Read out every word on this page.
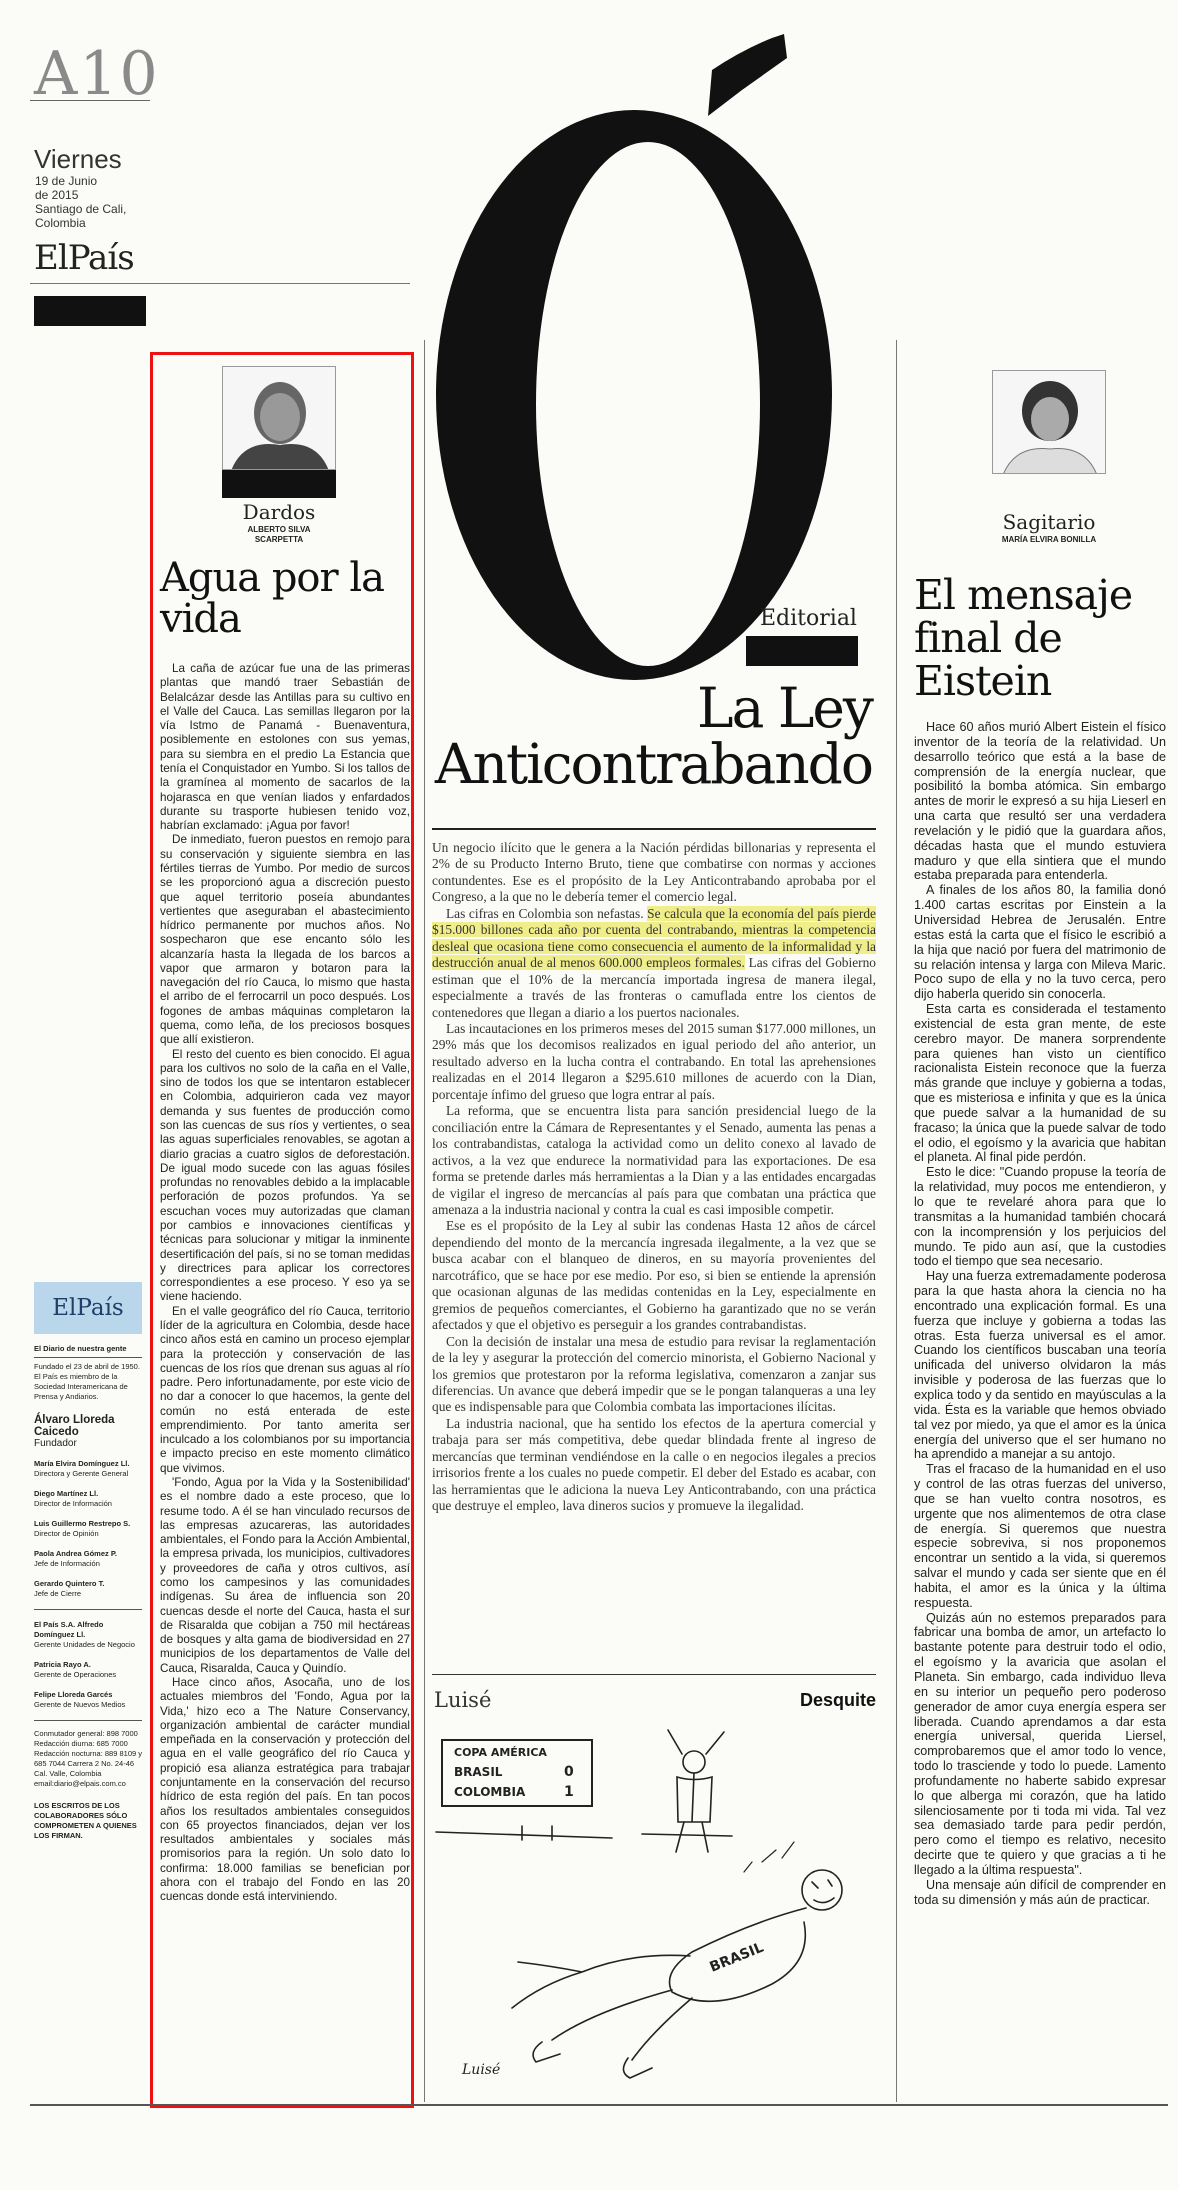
A10
Viernes
19 de Junio
de 2015
Santiago de Cali,
Colombia
ElPaís
Dardos
ALBERTO SILVA
SCARPETTA
Agua por la vida

La caña de azúcar fue una de las primeras plantas que mandó traer Sebastián de Belalcázar desde las Antillas para su cultivo en el Valle del Cauca. Las semillas llegaron por la vía Istmo de Panamá - Buenaventura, posiblemente en estolones con sus yemas, para su siembra en el predio La Estancia que tenía el Conquistador en Yumbo. Si los tallos de la gramínea al momento de sacarlos de la hojarasca en que venían liados y enfardados durante su trasporte hubiesen tenido voz, habrían exclamado: ¡Agua por favor!

De inmediato, fueron puestos en remojo para su conservación y siguiente siembra en las fértiles tierras de Yumbo. Por medio de surcos se les proporcionó agua a discreción puesto que aquel territorio poseía abundantes vertientes que aseguraban el abastecimiento hídrico permanente por muchos años. No sospecharon que ese encanto sólo les alcanzaría hasta la llegada de los barcos a vapor que armaron y botaron para la navegación del río Cauca, lo mismo que hasta el arribo de el ferrocarril un poco después. Los fogones de ambas máquinas completaron la quema, como leña, de los preciosos bosques que allí existieron.

El resto del cuento es bien conocido. El agua para los cultivos no solo de la caña en el Valle, sino de todos los que se intentaron establecer en Colombia, adquirieron cada vez mayor demanda y sus fuentes de producción como son las cuencas de sus ríos y vertientes, o sea las aguas superficiales renovables, se agotan a diario gracias a cuatro siglos de deforestación. De igual modo sucede con las aguas fósiles profundas no renovables debido a la implacable perforación de pozos profundos. Ya se escuchan voces muy autorizadas que claman por cambios e innovaciones científicas y técnicas para solucionar y mitigar la inminente desertificación del país, si no se toman medidas y directrices para aplicar los correctores correspondientes a ese proceso. Y eso ya se viene haciendo.

En el valle geográfico del río Cauca, territorio líder de la agricultura en Colombia, desde hace cinco años está en camino un proceso ejemplar para la protección y conservación de las cuencas de los ríos que drenan sus aguas al río padre. Pero infortunadamente, por este vicio de no dar a conocer lo que hacemos, la gente del común no está enterada de este emprendimiento. Por tanto amerita ser inculcado a los colombianos por su importancia e impacto preciso en este momento climático que vivimos.

'Fondo, Agua por la Vida y la Sostenibilidad' es el nombre dado a este proceso, que lo resume todo. A él se han vinculado recursos de las empresas azucareras, las autoridades ambientales, el Fondo para la Acción Ambiental, la empresa privada, los municipios, cultivadores y proveedores de caña y otros cultivos, así como los campesinos y las comunidades indígenas. Su área de influencia son 20 cuencas desde el norte del Cauca, hasta el sur de Risaralda que cobijan a 750 mil hectáreas de bosques y alta gama de biodiversidad en 27 municipios de los departamentos de Valle del Cauca, Risaralda, Cauca y Quindío.

Hace cinco años, Asocaña, uno de los actuales miembros del 'Fondo, Agua por la Vida,' hizo eco a The Nature Conservancy, organización ambiental de carácter mundial empeñada en la conservación y protección del agua en el valle geográfico del río Cauca y propició esa alianza estratégica para trabajar conjuntamente en la conservación del recurso hídrico de esta región del país. En tan pocos años los resultados ambientales conseguidos con 65 proyectos financiados, dejan ver los resultados ambientales y sociales más promisorios para la región. Un solo dato lo confirma: 18.000 familias se benefician por ahora con el trabajo del Fondo en las 20 cuencas donde está interviniendo.

ElPaís
El Diario de nuestra gente
Fundado el 23 de abril de 1950. El País es miembro de la Sociedad Interamericana de Prensa y Andiarios.
Álvaro Lloreda Caicedo
Fundador
María Elvira Domínguez Ll.
Directora y Gerente General
Diego Martínez Ll.
Director de Información
Luis Guillermo Restrepo S.
Director de Opinión
Paola Andrea Gómez P.
Jefe de Información
Gerardo Quintero T.
Jefe de Cierre
El País S.A. Alfredo Domínguez Ll.
Gerente Unidades de Negocio
Patricia Rayo A.
Gerente de Operaciones
Felipe Lloreda Garcés
Gerente de Nuevos Medios
Conmutador general: 898 7000 Redacción diurna: 685 7000 Redacción nocturna: 889 8109 y 685 7044 Carrera 2 No. 24-46 Cal. Valle, Colombia email:diario@elpais.com.co
LOS ESCRITOS DE LOS COLABORADORES SÓLO COMPROMETEN A QUIENES LOS FIRMAN.
Editorial
La Ley
Anticontrabando

Un negocio ilícito que le genera a la Nación pérdidas billonarias y representa el 2% de su Producto Interno Bruto, tiene que combatirse con normas y acciones contundentes. Ese es el propósito de la Ley Anticontrabando aprobaba por el Congreso, a la que no le debería temer el comercio legal.

Las cifras en Colombia son nefastas. Se calcula que la economía del país pierde $15.000 billones cada año por cuenta del contrabando, mientras la competencia desleal que ocasiona tiene como consecuencia el aumento de la informalidad y la destrucción anual de al menos 600.000 empleos formales. Las cifras del Gobierno estiman que el 10% de la mercancía importada ingresa de manera ilegal, especialmente a través de las fronteras o camuflada entre los cientos de contenedores que llegan a diario a los puertos nacionales.

Las incautaciones en los primeros meses del 2015 suman $177.000 millones, un 29% más que los decomisos realizados en igual periodo del año anterior, un resultado adverso en la lucha contra el contrabando. En total las aprehensiones realizadas en el 2014 llegaron a $295.610 millones de acuerdo con la Dian, porcentaje ínfimo del grueso que logra entrar al país.

La reforma, que se encuentra lista para sanción presidencial luego de la conciliación entre la Cámara de Representantes y el Senado, aumenta las penas a los contrabandistas, cataloga la actividad como un delito conexo al lavado de activos, a la vez que endurece la normatividad para las exportaciones. De esa forma se pretende darles más herramientas a la Dian y a las entidades encargadas de vigilar el ingreso de mercancías al país para que combatan una práctica que amenaza a la industria nacional y contra la cual es casi imposible competir.

Ese es el propósito de la Ley al subir las condenas Hasta 12 años de cárcel dependiendo del monto de la mercancía ingresada ilegalmente, a la vez que se busca acabar con el blanqueo de dineros, en su mayoría provenientes del narcotráfico, que se hace por ese medio. Por eso, si bien se entiende la aprensión que ocasionan algunas de las medidas contenidas en la Ley, especialmente en gremios de pequeños comerciantes, el Gobierno ha garantizado que no se verán afectados y que el objetivo es perseguir a los grandes contrabandistas.

Con la decisión de instalar una mesa de estudio para revisar la reglamentación de la ley y asegurar la protección del comercio minorista, el Gobierno Nacional y los gremios que protestaron por la reforma legislativa, comenzaron a zanjar sus diferencias. Un avance que deberá impedir que se le pongan talanqueras a una ley que es indispensable para que Colombia combata las importaciones ilícitas.

La industria nacional, que ha sentido los efectos de la apertura comercial y trabaja para ser más competitiva, debe quedar blindada frente al ingreso de mercancías que terminan vendiéndose en la calle o en negocios ilegales a precios irrisorios frente a los cuales no puede competir. El deber del Estado es acabar, con las herramientas que le adiciona la nueva Ley Anticontrabando, con una práctica que destruye el empleo, lava dineros sucios y promueve la ilegalidad.

Luisé	Desquite
COPA AMÉRICA
BRASIL	0
COLOMBIA	1
BRASIL
Luisé
Sagitario
MARÍA ELVIRA BONILLA
El mensaje final de Eistein

Hace 60 años murió Albert Eistein el físico inventor de la teoría de la relatividad. Un desarrollo teórico que está a la base de comprensión de la energía nuclear, que posibilitó la bomba atómica. Sin embargo antes de morir le expresó a su hija Lieserl en una carta que resultó ser una verdadera revelación y le pidió que la guardara años, décadas hasta que el mundo estuviera maduro y que ella sintiera que el mundo estaba preparada para entenderla.

A finales de los años 80, la familia donó 1.400 cartas escritas por Einstein a la Universidad Hebrea de Jerusalén. Entre estas está la carta que el físico le escribió a la hija que nació por fuera del matrimonio de su relación intensa y larga con Mileva Maric. Poco supo de ella y no la tuvo cerca, pero dijo haberla querido sin conocerla.

Esta carta es considerada el testamento existencial de esta gran mente, de este cerebro mayor. De manera sorprendente para quienes han visto un científico racionalista Eistein reconoce que la fuerza más grande que incluye y gobierna a todas, que es misteriosa e infinita y que es la única que puede salvar a la humanidad de su fracaso; la única que la puede salvar de todo el odio, el egoísmo y la avaricia que habitan el planeta. Al final pide perdón.

Esto le dice: "Cuando propuse la teoría de la relatividad, muy pocos me entendieron, y lo que te revelaré ahora para que lo transmitas a la humanidad también chocará con la incomprensión y los perjuicios del mundo. Te pido aun así, que la custodies todo el tiempo que sea necesario.

Hay una fuerza extremadamente poderosa para la que hasta ahora la ciencia no ha encontrado una explicación formal. Es una fuerza que incluye y gobierna a todas las otras. Esta fuerza universal es el amor. Cuando los científicos buscaban una teoría unificada del universo olvidaron la más invisible y poderosa de las fuerzas que lo explica todo y da sentido en mayúsculas a la vida. Ésta es la variable que hemos obviado tal vez por miedo, ya que el amor es la única energía del universo que el ser humano no ha aprendido a manejar a su antojo.

Tras el fracaso de la humanidad en el uso y control de las otras fuerzas del universo, que se han vuelto contra nosotros, es urgente que nos alimentemos de otra clase de energía. Si queremos que nuestra especie sobreviva, si nos proponemos encontrar un sentido a la vida, si queremos salvar el mundo y cada ser siente que en él habita, el amor es la única y la última respuesta.

Quizás aún no estemos preparados para fabricar una bomba de amor, un artefacto lo bastante potente para destruir todo el odio, el egoísmo y la avaricia que asolan el Planeta. Sin embargo, cada individuo lleva en su interior un pequeño pero poderoso generador de amor cuya energía espera ser liberada. Cuando aprendamos a dar esta energía universal, querida Liersel, comprobaremos que el amor todo lo vence, todo lo trasciende y todo lo puede. Lamento profundamente no haberte sabido expresar lo que alberga mi corazón, que ha latido silenciosamente por ti toda mi vida. Tal vez sea demasiado tarde para pedir perdón, pero como el tiempo es relativo, necesito decirte que te quiero y que gracias a ti he llegado a la última respuesta".

Una mensaje aún difícil de comprender en toda su dimensión y más aún de practicar.
